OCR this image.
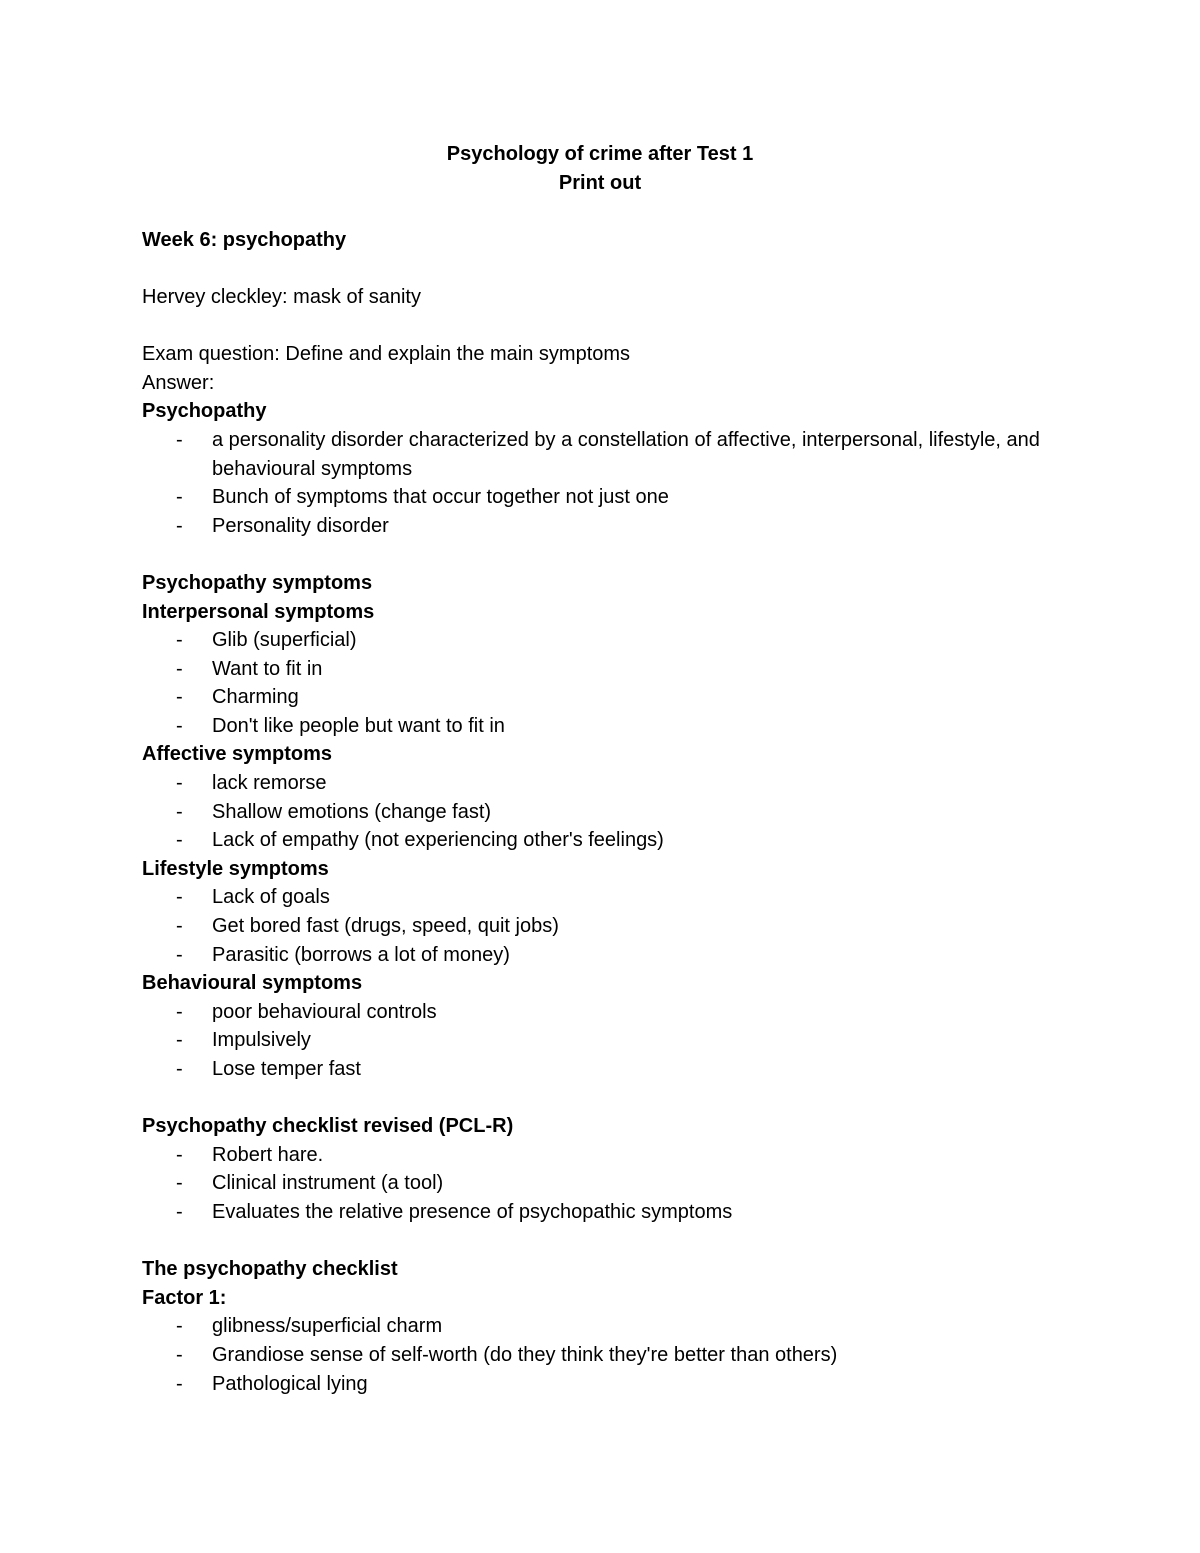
Psychology of crime after Test 1
Print out
Week 6: psychopathy
Hervey cleckley: mask of sanity
Exam question: Define and explain the main symptoms
Answer:
Psychopathy
- a personality disorder characterized by a constellation of affective, interpersonal, lifestyle, and behavioural symptoms
- Bunch of symptoms that occur together not just one
- Personality disorder
Psychopathy symptoms
Interpersonal symptoms
- Glib (superficial)
- Want to fit in
- Charming
- Don't like people but want to fit in
Affective symptoms
- lack remorse
- Shallow emotions (change fast)
- Lack of empathy (not experiencing other's feelings)
Lifestyle symptoms
- Lack of goals
- Get bored fast (drugs, speed, quit jobs)
- Parasitic (borrows a lot of money)
Behavioural symptoms
- poor behavioural controls
- Impulsively
- Lose temper fast
Psychopathy checklist revised (PCL-R)
- Robert hare.
- Clinical instrument (a tool)
- Evaluates the relative presence of psychopathic symptoms
The psychopathy checklist
Factor 1:
- glibness/superficial charm
- Grandiose sense of self-worth (do they think they're better than others)
- Pathological lying
